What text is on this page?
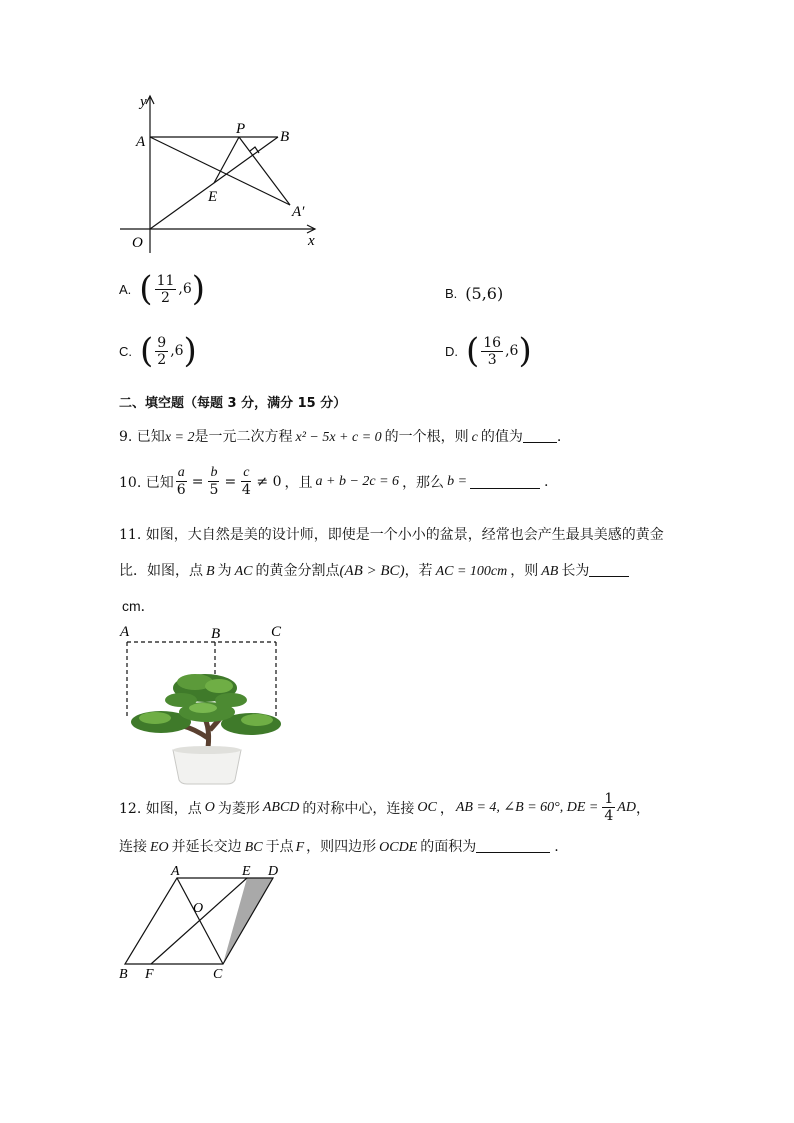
y
x
O
A
P B
E
A′
A. ( $\frac{11}{2} ,6$ )	B. (5,6)
C. ( $\frac{9}{2} ,6$ )	D. ( $\frac{16}{3} ,6$ )
二、填空题（每题 3 分，满分 15 分）
9. 已知x = 2是一元二次方程 x² − 5x + c = 0 的一个根，则 c 的值为 .
10. 已知 $\frac{a}{6} = \frac{b}{5} = \frac{c}{4} \ne 0$ ，且 a + b − 2c = 6 ，那么 b =	.
11. 如图，大自然是美的设计师，即使是一个小小的盆景，经常也会产生最具美感的黄金
比．如图，点 B 为 AC 的黄金分割点(AB > BC)，若 AC = 100cm ，则 AB 长为
cm．
A	B	C
12. 如图，点 O 为菱形 ABCD 的对称中心，连接 OC ， AB = 4, ∠B = 60°, DE = $\frac{1}{4}$ AD ，
连接 EO 并延长交边 BC 于点 F ，则四边形 OCDE 的面积为	.
A	E D
O
B F	C
